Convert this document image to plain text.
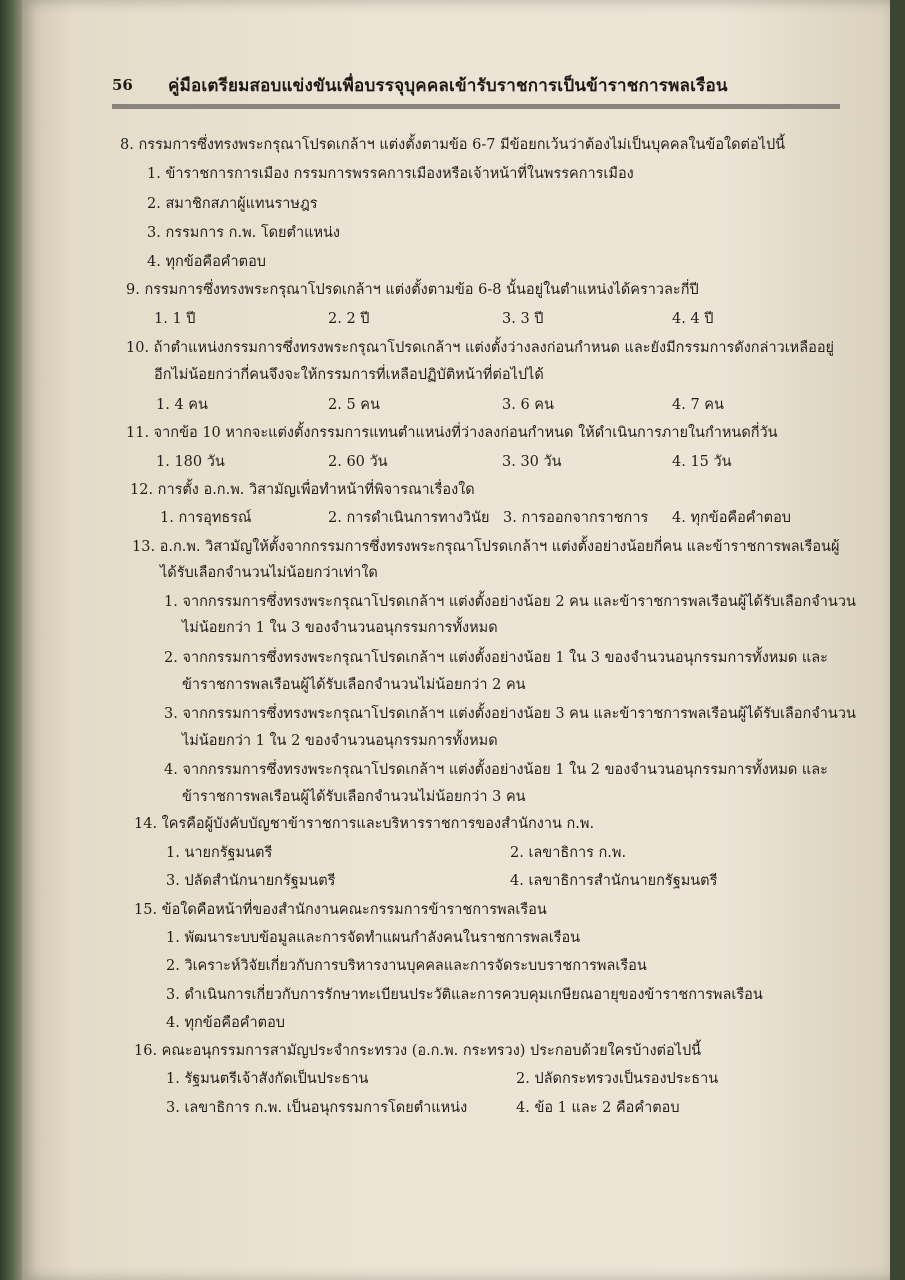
56 คู่มือเตรียมสอบแข่งขันเพื่อบรรจุบุคคลเข้ารับราชการเป็นข้าราชการพลเรือน
8. กรรมการซึ่งทรงพระกรุณาโปรดเกล้าฯ แต่งตั้งตามข้อ 6-7 มีข้อยกเว้นว่าต้องไม่เป็นบุคคลในข้อใดต่อไปนี้
1. ข้าราชการการเมือง กรรมการพรรคการเมืองหรือเจ้าหน้าที่ในพรรคการเมือง
2. สมาชิกสภาผู้แทนราษฎร
3. กรรมการ ก.พ. โดยตำแหน่ง
4. ทุกข้อคือคำตอบ
9. กรรมการซึ่งทรงพระกรุณาโปรดเกล้าฯ แต่งตั้งตามข้อ 6-8 นั้นอยู่ในตำแหน่งได้คราวละกี่ปี
1. 1 ปี	2. 2 ปี	3. 3 ปี	4. 4 ปี
10. ถ้าตำแหน่งกรรมการซึ่งทรงพระกรุณาโปรดเกล้าฯ แต่งตั้งว่างลงก่อนกำหนด และยังมีกรรมการดังกล่าวเหลืออยู่
อีกไม่น้อยกว่ากี่คนจึงจะให้กรรมการที่เหลือปฏิบัติหน้าที่ต่อไปได้
1. 4 คน	2. 5 คน	3. 6 คน	4. 7 คน
11. จากข้อ 10 หากจะแต่งตั้งกรรมการแทนตำแหน่งที่ว่างลงก่อนกำหนด ให้ดำเนินการภายในกำหนดกี่วัน
1. 180 วัน	2. 60 วัน	3. 30 วัน	4. 15 วัน
12. การตั้ง อ.ก.พ. วิสามัญเพื่อทำหน้าที่พิจารณาเรื่องใด
1. การอุทธรณ์	2. การดำเนินการทางวินัย 3. การออกจากราชการ 4. ทุกข้อคือคำตอบ
13. อ.ก.พ. วิสามัญให้ตั้งจากกรรมการซึ่งทรงพระกรุณาโปรดเกล้าฯ แต่งตั้งอย่างน้อยกี่คน และข้าราชการพลเรือนผู้
ได้รับเลือกจำนวนไม่น้อยกว่าเท่าใด
1. จากกรรมการซึ่งทรงพระกรุณาโปรดเกล้าฯ แต่งตั้งอย่างน้อย 2 คน และข้าราชการพลเรือนผู้ได้รับเลือกจำนวน
ไม่น้อยกว่า 1 ใน 3 ของจำนวนอนุกรรมการทั้งหมด
2. จากกรรมการซึ่งทรงพระกรุณาโปรดเกล้าฯ แต่งตั้งอย่างน้อย 1 ใน 3 ของจำนวนอนุกรรมการทั้งหมด และ
ข้าราชการพลเรือนผู้ได้รับเลือกจำนวนไม่น้อยกว่า 2 คน
3. จากกรรมการซึ่งทรงพระกรุณาโปรดเกล้าฯ แต่งตั้งอย่างน้อย 3 คน และข้าราชการพลเรือนผู้ได้รับเลือกจำนวน
ไม่น้อยกว่า 1 ใน 2 ของจำนวนอนุกรรมการทั้งหมด
4. จากกรรมการซึ่งทรงพระกรุณาโปรดเกล้าฯ แต่งตั้งอย่างน้อย 1 ใน 2 ของจำนวนอนุกรรมการทั้งหมด และ
ข้าราชการพลเรือนผู้ได้รับเลือกจำนวนไม่น้อยกว่า 3 คน
14. ใครคือผู้บังคับบัญชาข้าราชการและบริหารราชการของสำนักงาน ก.พ.
1. นายกรัฐมนตรี	2. เลขาธิการ ก.พ.
3. ปลัดสำนักนายกรัฐมนตรี	4. เลขาธิการสำนักนายกรัฐมนตรี
15. ข้อใดคือหน้าที่ของสำนักงานคณะกรรมการข้าราชการพลเรือน
1. พัฒนาระบบข้อมูลและการจัดทำแผนกำลังคนในราชการพลเรือน
2. วิเคราะห์วิจัยเกี่ยวกับการบริหารงานบุคคลและการจัดระบบราชการพลเรือน
3. ดำเนินการเกี่ยวกับการรักษาทะเบียนประวัติและการควบคุมเกษียณอายุของข้าราชการพลเรือน
4. ทุกข้อคือคำตอบ
16. คณะอนุกรรมการสามัญประจำกระทรวง (อ.ก.พ. กระทรวง) ประกอบด้วยใครบ้างต่อไปนี้
1. รัฐมนตรีเจ้าสังกัดเป็นประธาน	2. ปลัดกระทรวงเป็นรองประธาน
3. เลขาธิการ ก.พ. เป็นอนุกรรมการโดยตำแหน่ง	4. ข้อ 1 และ 2 คือคำตอบ
